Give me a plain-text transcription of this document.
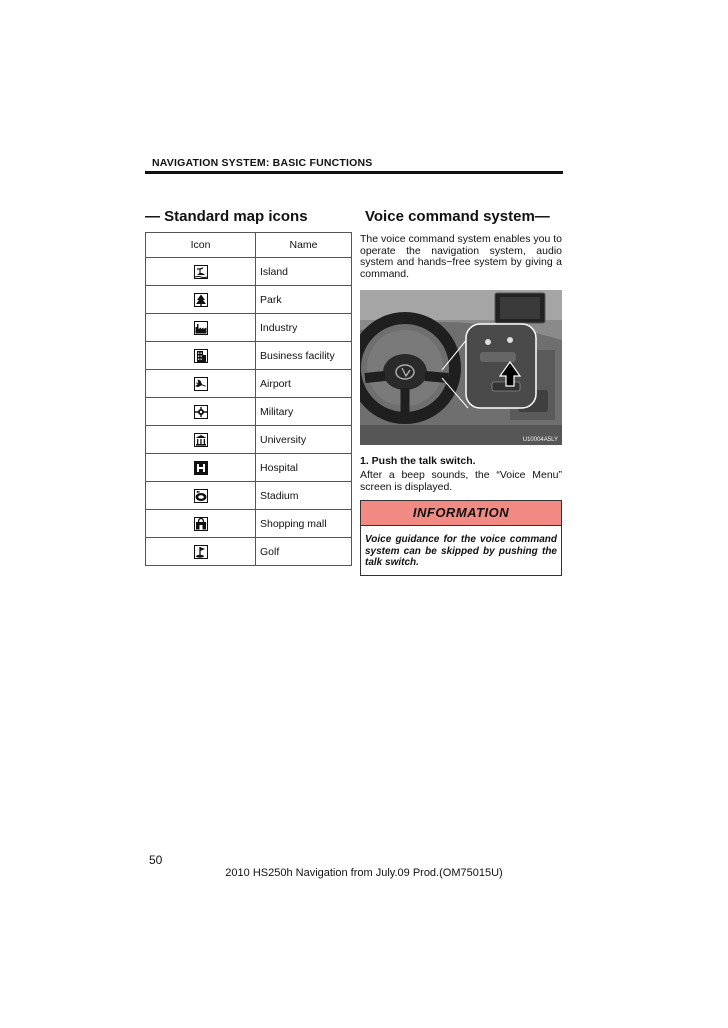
NAVIGATION SYSTEM: BASIC FUNCTIONS
— Standard map icons	Voice command system—
Icon	Name
	Island
	Park
	Industry
	Business facility
	Airport
	Military
	University
	Hospital
	Stadium
	Shopping mall
	Golf
The voice command system enables you to operate the navigation system, audio system and hands−free system by giving a command.
U10004A5LY
1. Push the talk switch.
After a beep sounds, the “Voice Menu” screen is displayed.
INFORMATION
Voice guidance for the voice command system can be skipped by pushing the talk switch.
50
2010 HS250h Navigation from July.09 Prod.(OM75015U)
